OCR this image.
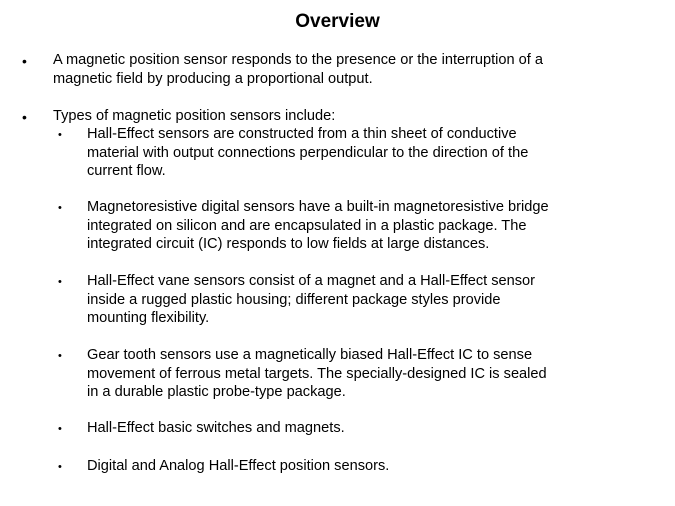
Overview
• A magnetic position sensor responds to the presence or the interruption of a
magnetic field by producing a proportional output.
• Types of magnetic position sensors include:
• Hall-Effect sensors are constructed from a thin sheet of conductive
material with output connections perpendicular to the direction of the
current flow.
• Magnetoresistive digital sensors have a built-in magnetoresistive bridge
integrated on silicon and are encapsulated in a plastic package. The
integrated circuit (IC) responds to low fields at large distances.
• Hall-Effect vane sensors consist of a magnet and a Hall-Effect sensor
inside a rugged plastic housing; different package styles provide
mounting flexibility.
• Gear tooth sensors use a magnetically biased Hall-Effect IC to sense
movement of ferrous metal targets. The specially-designed IC is sealed
in a durable plastic probe-type package.
• Hall-Effect basic switches and magnets.
• Digital and Analog Hall-Effect position sensors.
